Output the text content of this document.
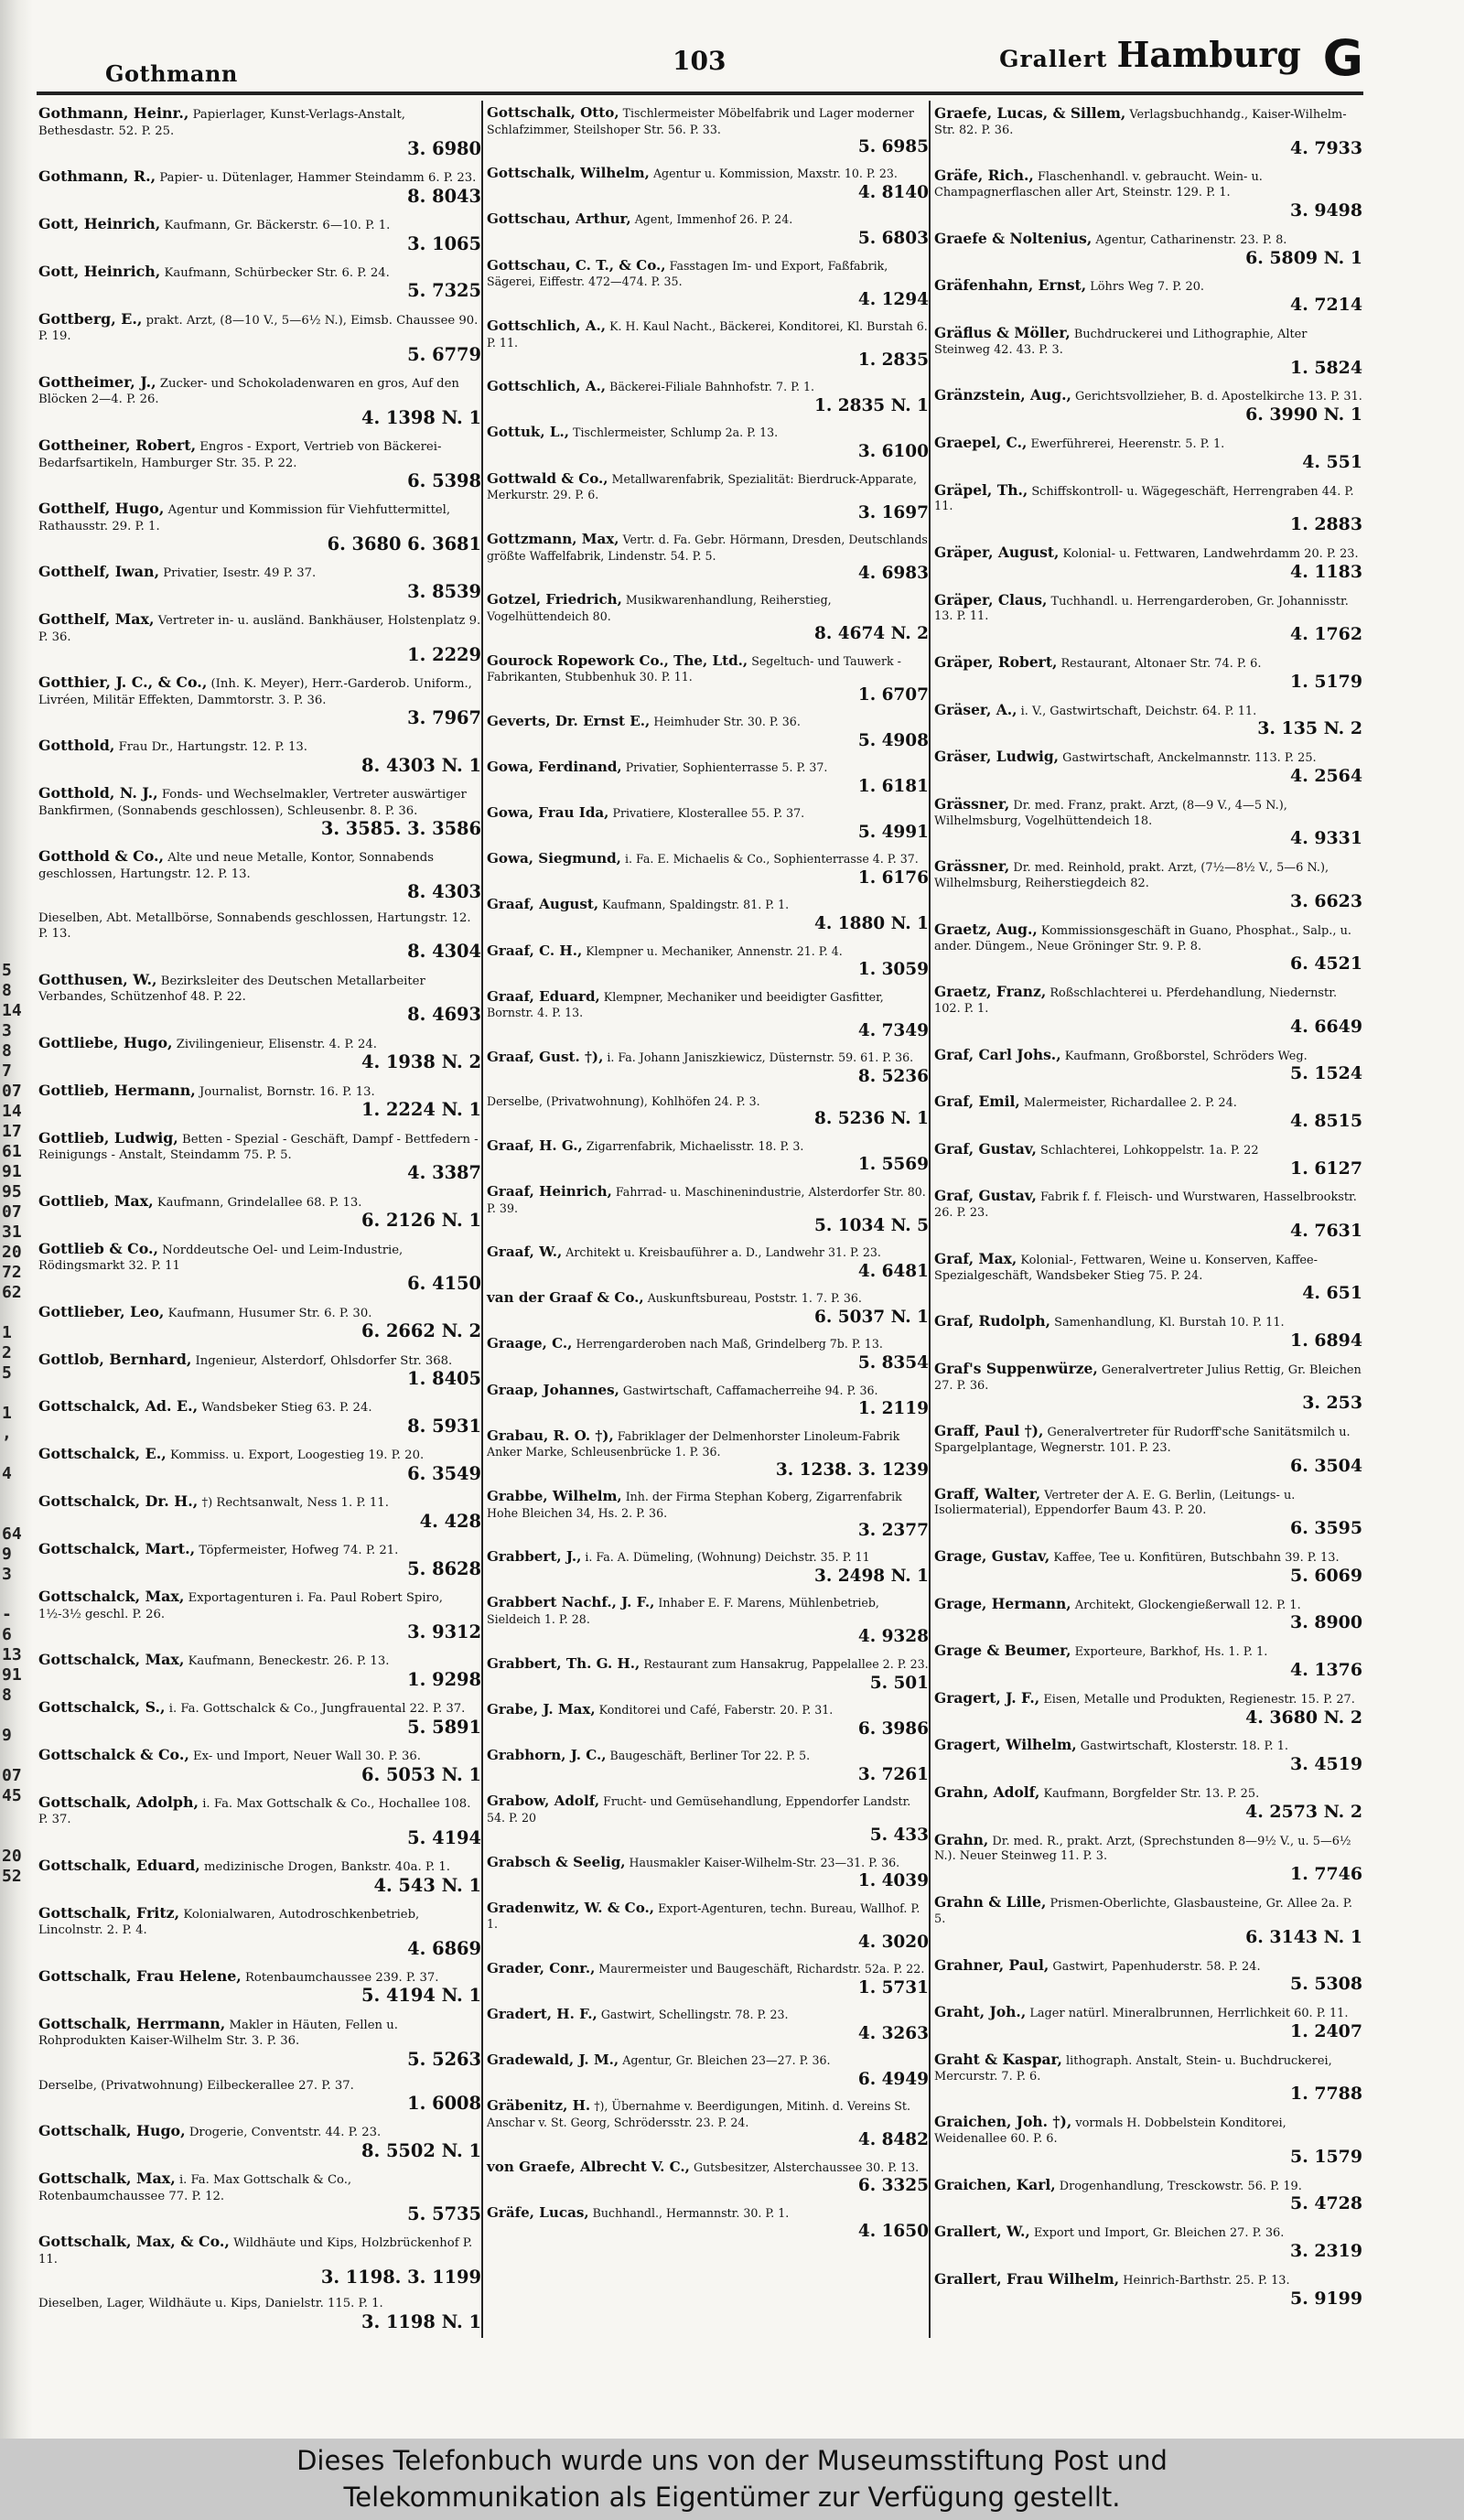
5
8
14
3
8
7
07
14
17
61
91
95
07
31
20
72
62
1
2
5
1
,
4
64
9
3
-
6
13
91
8
9
07
45
20
52
Gothmann	103	Grallert Hamburg G
Gothmann, Heinr., Papierlager, Kunst-Verlags-Anstalt, Bethesdastr. 52. P. 25.
3. 6980
Gothmann, R., Papier- u. Dütenlager, Hammer Steindamm 6. P. 23.
8. 8043
Gott, Heinrich, Kaufmann, Gr. Bäckerstr. 6—10. P. 1.
3. 1065
Gott, Heinrich, Kaufmann, Schürbecker Str. 6. P. 24.
5. 7325
Gottberg, E., prakt. Arzt, (8—10 V., 5—6½ N.), Eimsb. Chaussee 90. P. 19.
5. 6779
Gottheimer, J., Zucker- und Schokoladenwaren en gros, Auf den Blöcken 2—4. P. 26.
4. 1398 N. 1
Gottheiner, Robert, Engros - Export, Vertrieb von Bäckerei-Bedarfsartikeln, Hamburger Str. 35. P. 22.
6. 5398
Gotthelf, Hugo, Agentur und Kommission für Viehfuttermittel, Rathausstr. 29. P. 1.
6. 3680 6. 3681
Gotthelf, Iwan, Privatier, Isestr. 49 P. 37.
3. 8539
Gotthelf, Max, Vertreter in- u. ausländ. Bankhäuser, Holstenplatz 9. P. 36.
1. 2229
Gotthier, J. C., & Co., (Inh. K. Meyer), Herr.-Garderob. Uniform., Livréen, Militär Effekten, Dammtorstr. 3. P. 36.
3. 7967
Gotthold, Frau Dr., Hartungstr. 12. P. 13.
8. 4303 N. 1
Gotthold, N. J., Fonds- und Wechselmakler, Vertreter auswärtiger Bankfirmen, (Sonnabends geschlossen), Schleusenbr. 8. P. 36.
3. 3585. 3. 3586
Gotthold & Co., Alte und neue Metalle, Kontor, Sonnabends geschlossen, Hartungstr. 12. P. 13.
8. 4303
Dieselben, Abt. Metallbörse, Sonnabends geschlossen, Hartungstr. 12. P. 13.
8. 4304
Gotthusen, W., Bezirksleiter des Deutschen Metallarbeiter Verbandes, Schützenhof 48. P. 22.
8. 4693
Gottliebe, Hugo, Zivilingenieur, Elisenstr. 4. P. 24.
4. 1938 N. 2
Gottlieb, Hermann, Journalist, Bornstr. 16. P. 13.
1. 2224 N. 1
Gottlieb, Ludwig, Betten - Spezial - Geschäft, Dampf - Bettfedern - Reinigungs - Anstalt, Steindamm 75. P. 5.
4. 3387
Gottlieb, Max, Kaufmann, Grindelallee 68. P. 13.
6. 2126 N. 1
Gottlieb & Co., Norddeutsche Oel- und Leim-Industrie, Rödingsmarkt 32. P. 11
6. 4150
Gottlieber, Leo, Kaufmann, Husumer Str. 6. P. 30.
6. 2662 N. 2
Gottlob, Bernhard, Ingenieur, Alsterdorf, Ohlsdorfer Str. 368.
1. 8405
Gottschalck, Ad. E., Wandsbeker Stieg 63. P. 24.
8. 5931
Gottschalck, E., Kommiss. u. Export, Loogestieg 19. P. 20.
6. 3549
Gottschalck, Dr. H., †) Rechtsanwalt, Ness 1. P. 11.
4. 428
Gottschalck, Mart., Töpfermeister, Hofweg 74. P. 21.
5. 8628
Gottschalck, Max, Exportagenturen i. Fa. Paul Robert Spiro, 1½-3½ geschl. P. 26.
3. 9312
Gottschalck, Max, Kaufmann, Beneckestr. 26. P. 13.
1. 9298
Gottschalck, S., i. Fa. Gottschalck & Co., Jungfrauental 22. P. 37.
5. 5891
Gottschalck & Co., Ex- und Import, Neuer Wall 30. P. 36.
6. 5053 N. 1
Gottschalk, Adolph, i. Fa. Max Gottschalk & Co., Hochallee 108. P. 37.
5. 4194
Gottschalk, Eduard, medizinische Drogen, Bankstr. 40a. P. 1.
4. 543 N. 1
Gottschalk, Fritz, Kolonialwaren, Autodroschkenbetrieb, Lincolnstr. 2. P. 4.
4. 6869
Gottschalk, Frau Helene, Rotenbaumchaussee 239. P. 37.
5. 4194 N. 1
Gottschalk, Herrmann, Makler in Häuten, Fellen u. Rohprodukten Kaiser-Wilhelm Str. 3. P. 36.
5. 5263
Derselbe, (Privatwohnung) Eilbeckerallee 27. P. 37.
1. 6008
Gottschalk, Hugo, Drogerie, Conventstr. 44. P. 23.
8. 5502 N. 1
Gottschalk, Max, i. Fa. Max Gottschalk & Co., Rotenbaumchaussee 77. P. 12.
5. 5735
Gottschalk, Max, & Co., Wildhäute und Kips, Holzbrückenhof P. 11.
3. 1198. 3. 1199
Dieselben, Lager, Wildhäute u. Kips, Danielstr. 115. P. 1.
3. 1198 N. 1
Gottschalk, Otto, Tischlermeister Möbelfabrik und Lager moderner Schlafzimmer, Steilshoper Str. 56. P. 33.
5. 6985
Gottschalk, Wilhelm, Agentur u. Kommission, Maxstr. 10. P. 23.
4. 8140
Gottschau, Arthur, Agent, Immenhof 26. P. 24.
5. 6803
Gottschau, C. T., & Co., Fasstagen Im- und Export, Faßfabrik, Sägerei, Eiffestr. 472—474. P. 35.
4. 1294
Gottschlich, A., K. H. Kaul Nacht., Bäckerei, Konditorei, Kl. Burstah 6. P. 11.
1. 2835
Gottschlich, A., Bäckerei-Filiale Bahnhofstr. 7. P. 1.
1. 2835 N. 1
Gottuk, L., Tischlermeister, Schlump 2a. P. 13.
3. 6100
Gottwald & Co., Metallwarenfabrik, Spezialität: Bierdruck-Apparate, Merkurstr. 29. P. 6.
3. 1697
Gottzmann, Max, Vertr. d. Fa. Gebr. Hörmann, Dresden, Deutschlands größte Waffelfabrik, Lindenstr. 54. P. 5.
4. 6983
Gotzel, Friedrich, Musikwarenhandlung, Reiherstieg, Vogelhüttendeich 80.
8. 4674 N. 2
Gourock Ropework Co., The, Ltd., Segeltuch- und Tauwerk - Fabrikanten, Stubbenhuk 30. P. 11.
1. 6707
Geverts, Dr. Ernst E., Heimhuder Str. 30. P. 36.
5. 4908
Gowa, Ferdinand, Privatier, Sophienterrasse 5. P. 37.
1. 6181
Gowa, Frau Ida, Privatiere, Klosterallee 55. P. 37.
5. 4991
Gowa, Siegmund, i. Fa. E. Michaelis & Co., Sophienterrasse 4. P. 37.
1. 6176
Graaf, August, Kaufmann, Spaldingstr. 81. P. 1.
4. 1880 N. 1
Graaf, C. H., Klempner u. Mechaniker, Annenstr. 21. P. 4.
1. 3059
Graaf, Eduard, Klempner, Mechaniker und beeidigter Gasfitter, Bornstr. 4. P. 13.
4. 7349
Graaf, Gust. †), i. Fa. Johann Janiszkiewicz, Düsternstr. 59. 61. P. 36.
8. 5236
Derselbe, (Privatwohnung), Kohlhöfen 24. P. 3.
8. 5236 N. 1
Graaf, H. G., Zigarrenfabrik, Michaelisstr. 18. P. 3.
1. 5569
Graaf, Heinrich, Fahrrad- u. Maschinenindustrie, Alsterdorfer Str. 80. P. 39.
5. 1034 N. 5
Graaf, W., Architekt u. Kreisbauführer a. D., Landwehr 31. P. 23.
4. 6481
van der Graaf & Co., Auskunftsbureau, Poststr. 1. 7. P. 36.
6. 5037 N. 1
Graage, C., Herrengarderoben nach Maß, Grindelberg 7b. P. 13.
5. 8354
Graap, Johannes, Gastwirtschaft, Caffamacherreihe 94. P. 36.
1. 2119
Grabau, R. O. †), Fabriklager der Delmenhorster Linoleum-Fabrik Anker Marke, Schleusenbrücke 1. P. 36.
3. 1238. 3. 1239
Grabbe, Wilhelm, Inh. der Firma Stephan Koberg, Zigarrenfabrik Hohe Bleichen 34, Hs. 2. P. 36.
3. 2377
Grabbert, J., i. Fa. A. Dümeling, (Wohnung) Deichstr. 35. P. 11
3. 2498 N. 1
Grabbert Nachf., J. F., Inhaber E. F. Marens, Mühlenbetrieb, Sieldeich 1. P. 28.
4. 9328
Grabbert, Th. G. H., Restaurant zum Hansakrug, Pappelallee 2. P. 23.
5. 501
Grabe, J. Max, Konditorei und Café, Faberstr. 20. P. 31.
6. 3986
Grabhorn, J. C., Baugeschäft, Berliner Tor 22. P. 5.
3. 7261
Grabow, Adolf, Frucht- und Gemüsehandlung, Eppendorfer Landstr. 54. P. 20
5. 433
Grabsch & Seelig, Hausmakler Kaiser-Wilhelm-Str. 23—31. P. 36.
1. 4039
Gradenwitz, W. & Co., Export-Agenturen, techn. Bureau, Wallhof. P. 1.
4. 3020
Grader, Conr., Maurermeister und Baugeschäft, Richardstr. 52a. P. 22.
1. 5731
Gradert, H. F., Gastwirt, Schellingstr. 78. P. 23.
4. 3263
Gradewald, J. M., Agentur, Gr. Bleichen 23—27. P. 36.
6. 4949
Gräbenitz, H. †), Übernahme v. Beerdigungen, Mitinh. d. Vereins St. Anschar v. St. Georg, Schrödersstr. 23. P. 24.
4. 8482
von Graefe, Albrecht V. C., Gutsbesitzer, Alsterchaussee 30. P. 13.
6. 3325
Gräfe, Lucas, Buchhandl., Hermannstr. 30. P. 1.
4. 1650
Graefe, Lucas, & Sillem, Verlagsbuchhandg., Kaiser-Wilhelm-Str. 82. P. 36.
4. 7933
Gräfe, Rich., Flaschenhandl. v. gebraucht. Wein- u. Champagnerflaschen aller Art, Steinstr. 129. P. 1.
3. 9498
Graefe & Noltenius, Agentur, Catharinenstr. 23. P. 8.
6. 5809 N. 1
Gräfenhahn, Ernst, Löhrs Weg 7. P. 20.
4. 7214
Gräflus & Möller, Buchdruckerei und Lithographie, Alter Steinweg 42. 43. P. 3.
1. 5824
Gränzstein, Aug., Gerichtsvollzieher, B. d. Apostelkirche 13. P. 31.
6. 3990 N. 1
Graepel, C., Ewerführerei, Heerenstr. 5. P. 1.
4. 551
Gräpel, Th., Schiffskontroll- u. Wägegeschäft, Herrengraben 44. P. 11.
1. 2883
Gräper, August, Kolonial- u. Fettwaren, Landwehrdamm 20. P. 23.
4. 1183
Gräper, Claus, Tuchhandl. u. Herrengarderoben, Gr. Johannisstr. 13. P. 11.
4. 1762
Gräper, Robert, Restaurant, Altonaer Str. 74. P. 6.
1. 5179
Gräser, A., i. V., Gastwirtschaft, Deichstr. 64. P. 11.
3. 135 N. 2
Gräser, Ludwig, Gastwirtschaft, Anckelmannstr. 113. P. 25.
4. 2564
Grässner, Dr. med. Franz, prakt. Arzt, (8—9 V., 4—5 N.), Wilhelmsburg, Vogelhüttendeich 18.
4. 9331
Grässner, Dr. med. Reinhold, prakt. Arzt, (7½—8½ V., 5—6 N.), Wilhelmsburg, Reiherstiegdeich 82.
3. 6623
Graetz, Aug., Kommissionsgeschäft in Guano, Phosphat., Salp., u. ander. Düngem., Neue Gröninger Str. 9. P. 8.
6. 4521
Graetz, Franz, Roßschlachterei u. Pferdehandlung, Niedernstr. 102. P. 1.
4. 6649
Graf, Carl Johs., Kaufmann, Großborstel, Schröders Weg.
5. 1524
Graf, Emil, Malermeister, Richardallee 2. P. 24.
4. 8515
Graf, Gustav, Schlachterei, Lohkoppelstr. 1a. P. 22
1. 6127
Graf, Gustav, Fabrik f. f. Fleisch- und Wurstwaren, Hasselbrookstr. 26. P. 23.
4. 7631
Graf, Max, Kolonial-, Fettwaren, Weine u. Konserven, Kaffee-Spezialgeschäft, Wandsbeker Stieg 75. P. 24.
4. 651
Graf, Rudolph, Samenhandlung, Kl. Burstah 10. P. 11.
1. 6894
Graf's Suppenwürze, Generalvertreter Julius Rettig, Gr. Bleichen 27. P. 36.
3. 253
Graff, Paul †), Generalvertreter für Rudorff'sche Sanitätsmilch u. Spargelplantage, Wegnerstr. 101. P. 23.
6. 3504
Graff, Walter, Vertreter der A. E. G. Berlin, (Leitungs- u. Isoliermaterial), Eppendorfer Baum 43. P. 20.
6. 3595
Grage, Gustav, Kaffee, Tee u. Konfitüren, Butschbahn 39. P. 13.
5. 6069
Grage, Hermann, Architekt, Glockengießerwall 12. P. 1.
3. 8900
Grage & Beumer, Exporteure, Barkhof, Hs. 1. P. 1.
4. 1376
Gragert, J. F., Eisen, Metalle und Produkten, Regienestr. 15. P. 27.
4. 3680 N. 2
Gragert, Wilhelm, Gastwirtschaft, Klosterstr. 18. P. 1.
3. 4519
Grahn, Adolf, Kaufmann, Borgfelder Str. 13. P. 25.
4. 2573 N. 2
Grahn, Dr. med. R., prakt. Arzt, (Sprechstunden 8—9½ V., u. 5—6½ N.). Neuer Steinweg 11. P. 3.
1. 7746
Grahn & Lille, Prismen-Oberlichte, Glasbausteine, Gr. Allee 2a. P. 5.
6. 3143 N. 1
Grahner, Paul, Gastwirt, Papenhuderstr. 58. P. 24.
5. 5308
Graht, Joh., Lager natürl. Mineralbrunnen, Herrlichkeit 60. P. 11.
1. 2407
Graht & Kaspar, lithograph. Anstalt, Stein- u. Buchdruckerei, Mercurstr. 7. P. 6.
1. 7788
Graichen, Joh. †), vormals H. Dobbelstein Konditorei, Weidenallee 60. P. 6.
5. 1579
Graichen, Karl, Drogenhandlung, Tresckowstr. 56. P. 19.
5. 4728
Grallert, W., Export und Import, Gr. Bleichen 27. P. 36.
3. 2319
Grallert, Frau Wilhelm, Heinrich-Barthstr. 25. P. 13.
5. 9199
Dieses Telefonbuch wurde uns von der Museumsstiftung Post und
Telekommunikation als Eigentümer zur Verfügung gestellt.
